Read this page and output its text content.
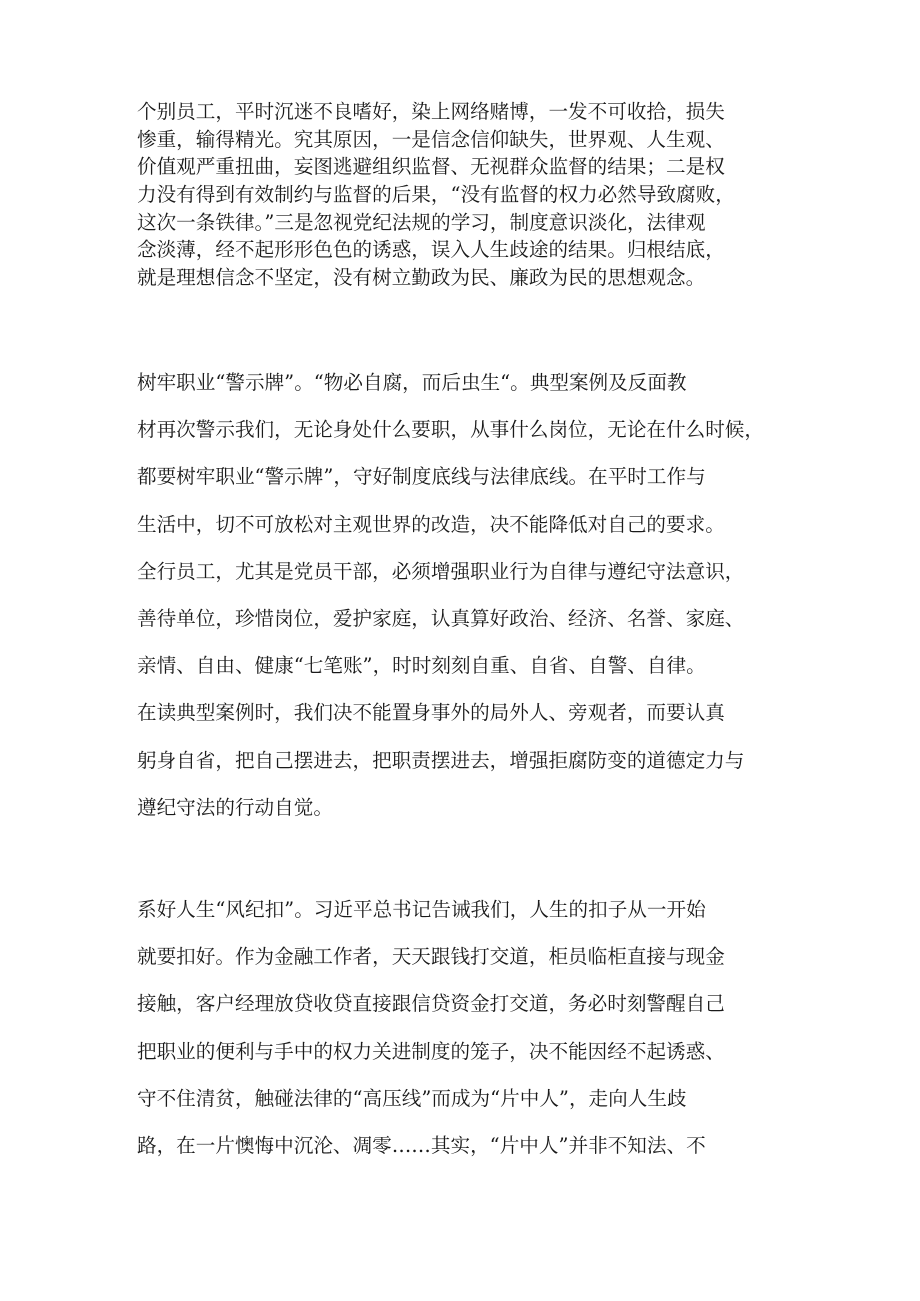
个别员工，平时沉迷不良嗜好，染上网络赌博，一发不可收拾，损失
惨重，输得精光。究其原因，一是信念信仰缺失，世界观、人生观、
价值观严重扭曲，妄图逃避组织监督、无视群众监督的结果；二是权
力没有得到有效制约与监督的后果，“没有监督的权力必然导致腐败，
这次一条铁律。”三是忽视党纪法规的学习，制度意识淡化，法律观
念淡薄，经不起形形色色的诱惑，误入人生歧途的结果。归根结底，
就是理想信念不坚定，没有树立勤政为民、廉政为民的思想观念。
树牢职业“警示牌”。“物必自腐，而后虫生“。典型案例及反面教
材再次警示我们，无论身处什么要职，从事什么岗位，无论在什么时候，
都要树牢职业“警示牌”，守好制度底线与法律底线。在平时工作与
生活中，切不可放松对主观世界的改造，决不能降低对自己的要求。
全行员工，尤其是党员干部，必须增强职业行为自律与遵纪守法意识，
善待单位，珍惜岗位，爱护家庭，认真算好政治、经济、名誉、家庭、
亲情、自由、健康“七笔账”，时时刻刻自重、自省、自警、自律。
在读典型案例时，我们决不能置身事外的局外人、旁观者，而要认真
躬身自省，把自己摆进去，把职责摆进去，增强拒腐防变的道德定力与
遵纪守法的行动自觉。
系好人生“风纪扣”。习近平总书记告诫我们，人生的扣子从一开始
就要扣好。作为金融工作者，天天跟钱打交道，柜员临柜直接与现金
接触，客户经理放贷收贷直接跟信贷资金打交道，务必时刻警醒自己
把职业的便利与手中的权力关进制度的笼子，决不能因经不起诱惑、
守不住清贫，触碰法律的“高压线”而成为“片中人”，走向人生歧
路，在一片懊悔中沉沦、凋零……其实，“片中人”并非不知法、不
